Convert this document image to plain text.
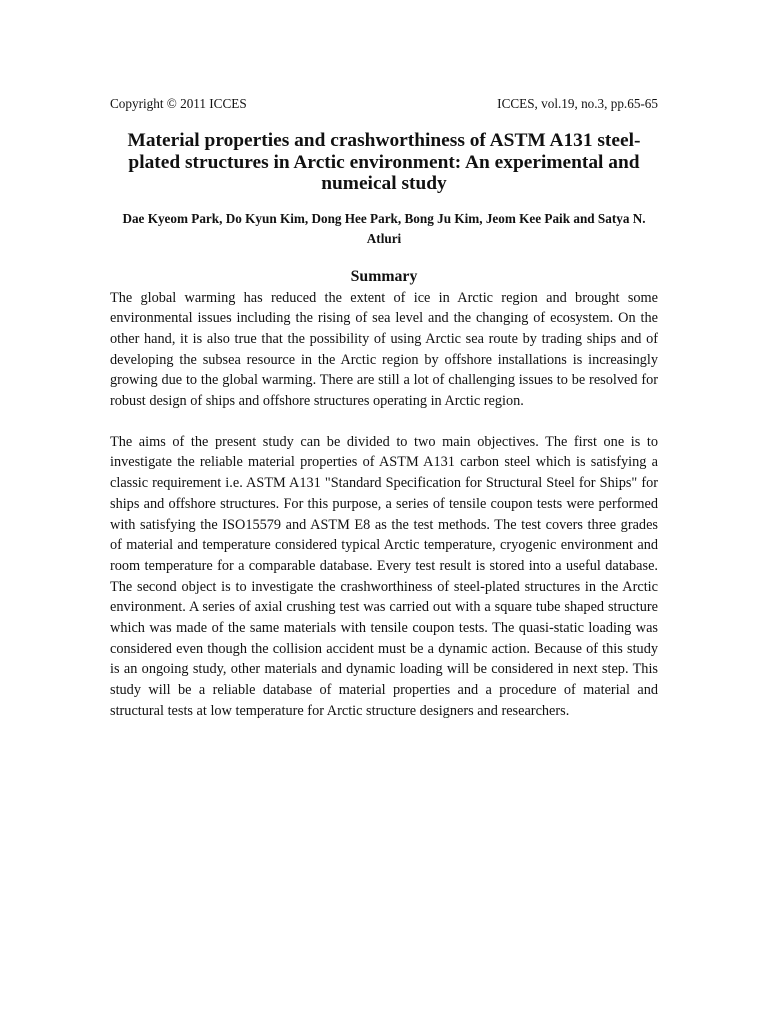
Copyright © 2011 ICCES	ICCES, vol.19, no.3, pp.65-65
Material properties and crashworthiness of ASTM A131 steel-plated structures in Arctic environment: An experimental and numeical study
Dae Kyeom Park, Do Kyun Kim, Dong Hee Park, Bong Ju Kim, Jeom Kee Paik and Satya N. Atluri
Summary

The global warming has reduced the extent of ice in Arctic region and brought some environmental issues including the rising of sea level and the changing of ecosystem. On the other hand, it is also true that the possibility of using Arctic sea route by trading ships and of developing the subsea resource in the Arctic region by offshore installations is increasingly growing due to the global warming. There are still a lot of challenging issues to be resolved for robust design of ships and offshore structures operating in Arctic region.

The aims of the present study can be divided to two main objectives. The first one is to investigate the reliable material properties of ASTM A131 carbon steel which is satisfying a classic requirement i.e. ASTM A131 "Standard Specification for Structural Steel for Ships" for ships and offshore structures. For this purpose, a series of tensile coupon tests were performed with satisfying the ISO15579 and ASTM E8 as the test methods. The test covers three grades of material and temperature considered typical Arctic temperature, cryogenic environment and room temperature for a comparable database. Every test result is stored into a useful database. The second object is to investigate the crashworthiness of steel-plated structures in the Arctic environment. A series of axial crushing test was carried out with a square tube shaped structure which was made of the same materials with tensile coupon tests. The quasi-static loading was considered even though the collision accident must be a dynamic action. Because of this study is an ongoing study, other materials and dynamic loading will be considered in next step. This study will be a reliable database of material properties and a procedure of material and structural tests at low temperature for Arctic structure designers and researchers.
